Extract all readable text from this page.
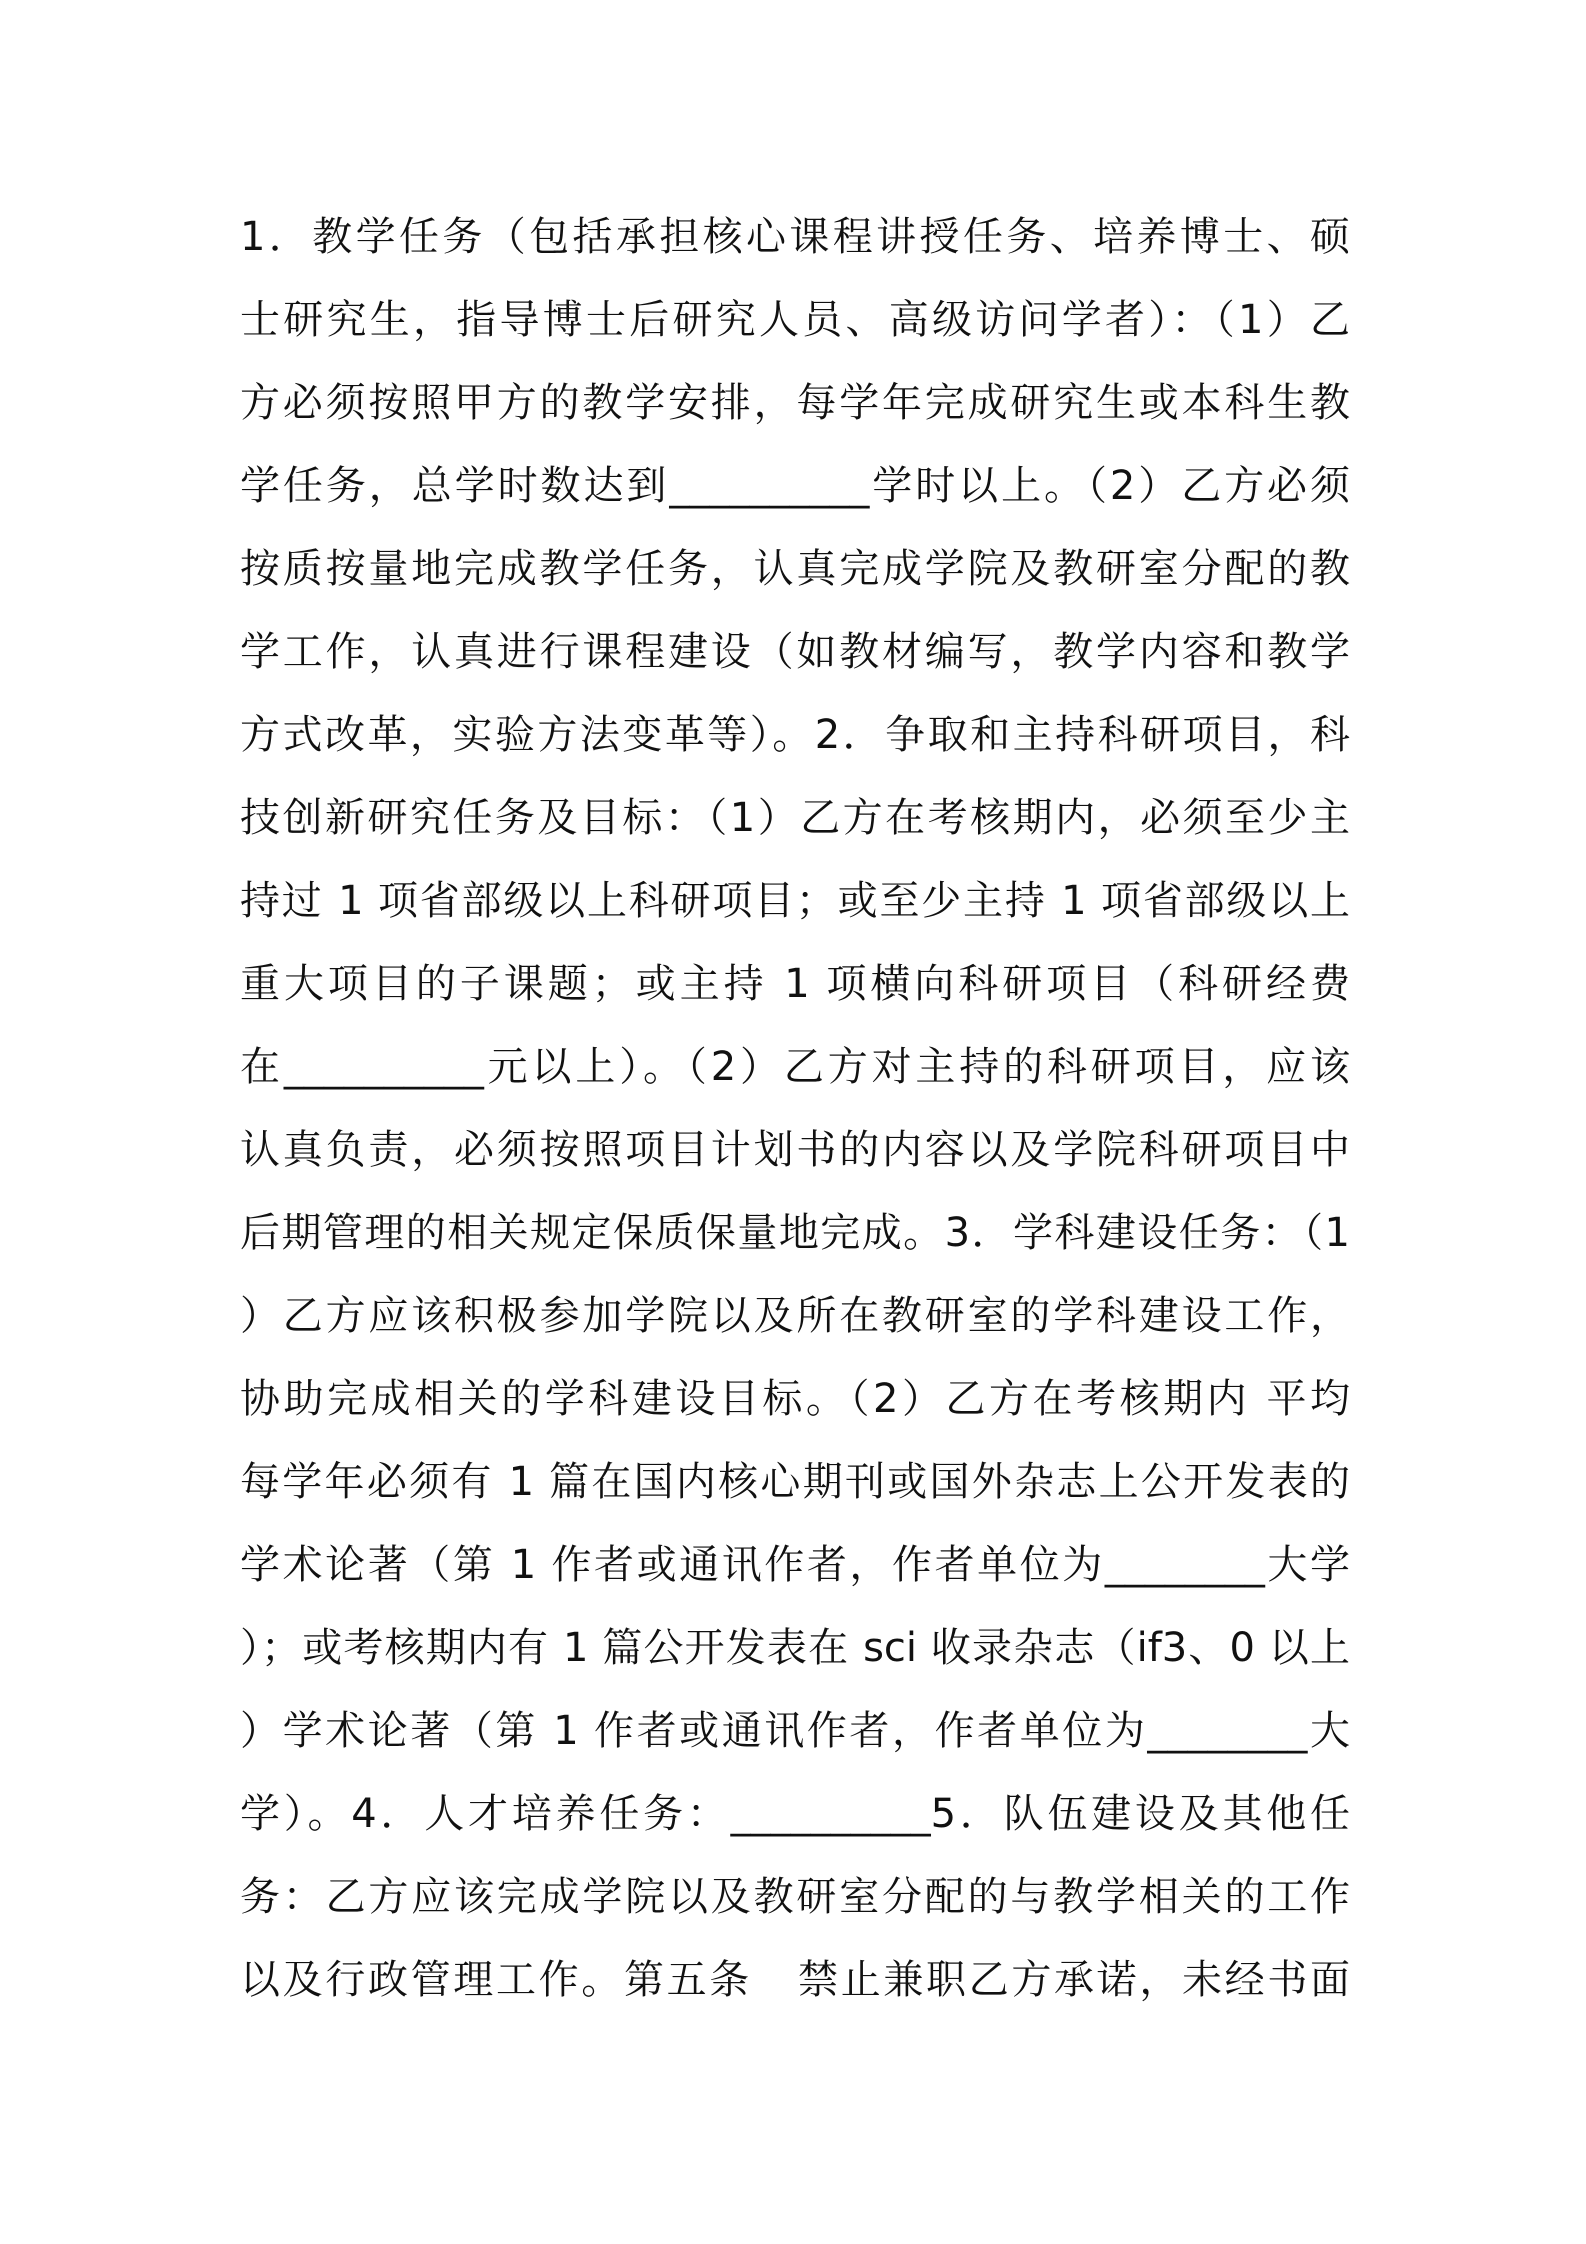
1．教学任务（包括承担核心课程讲授任务、培养博士、硕
士研究生，指导博士后研究人员、高级访问学者）：（1）乙
方必须按照甲方的教学安排，每学年完成研究生或本科生教
学任务，总学时数达到__________学时以上。（2）乙方必须
按质按量地完成教学任务，认真完成学院及教研室分配的教
学工作，认真进行课程建设（如教材编写，教学内容和教学
方式改革，实验方法变革等）。2．争取和主持科研项目，科
技创新研究任务及目标：（1）乙方在考核期内，必须至少主
持过 1 项省部级以上科研项目；或至少主持 1 项省部级以上
重大项目的子课题；或主持 1 项横向科研项目（科研经费
在__________元以上）。（2）乙方对主持的科研项目，应该
认真负责，必须按照项目计划书的内容以及学院科研项目中
后期管理的相关规定保质保量地完成。3．学科建设任务：（1
）乙方应该积极参加学院以及所在教研室的学科建设工作，
协助完成相关的学科建设目标。（2）乙方在考核期内 平均
每学年必须有 1 篇在国内核心期刊或国外杂志上公开发表的
学术论著（第 1 作者或通讯作者，作者单位为________大学
）；或考核期内有 1 篇公开发表在 sci 收录杂志（if3、0 以上
）学术论著（第 1 作者或通讯作者，作者单位为________大
学）。4．人才培养任务：__________5．队伍建设及其他任
务：乙方应该完成学院以及教研室分配的与教学相关的工作
以及行政管理工作。第五条   禁止兼职乙方承诺，未经书面
